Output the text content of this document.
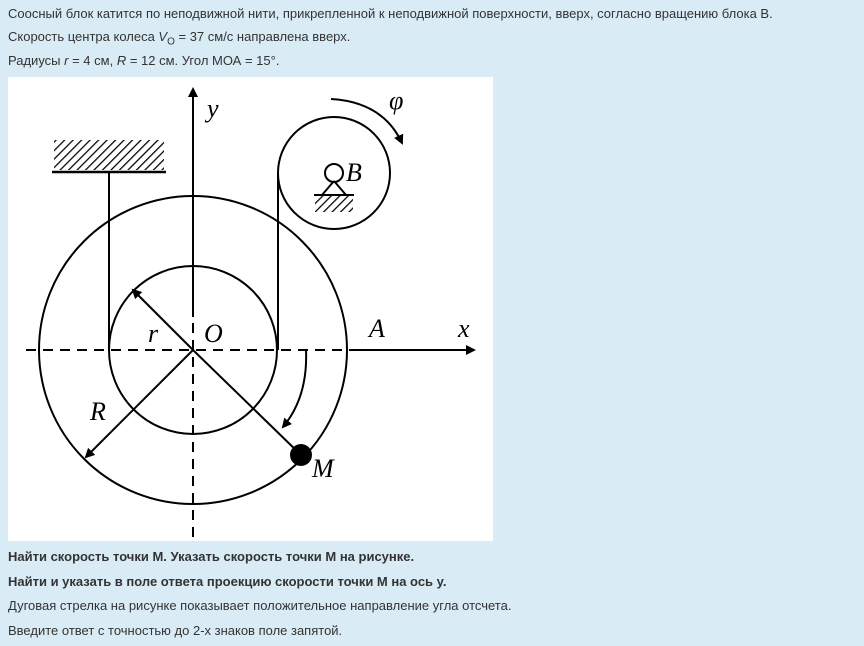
Соосный блок катится по неподвижной нити, прикрепленной к неподвижной поверхности, вверх, согласно вращению блока В.
Скорость центра колеса $V_O = 37$ см/с направлена вверх.
Радиусы r = 4 см, R = 12 см. Угол МОА = 15°.
y	φ
B
r O	A	x
R
M
Найти скорость точки М. Указать скорость точки М на рисунке.
Найти и указать в поле ответа проекцию скорости точки М на ось y.
Дуговая стрелка на рисунке показывает положительное направление угла отсчета.
Введите ответ с точностью до 2-х знаков поле запятой.
